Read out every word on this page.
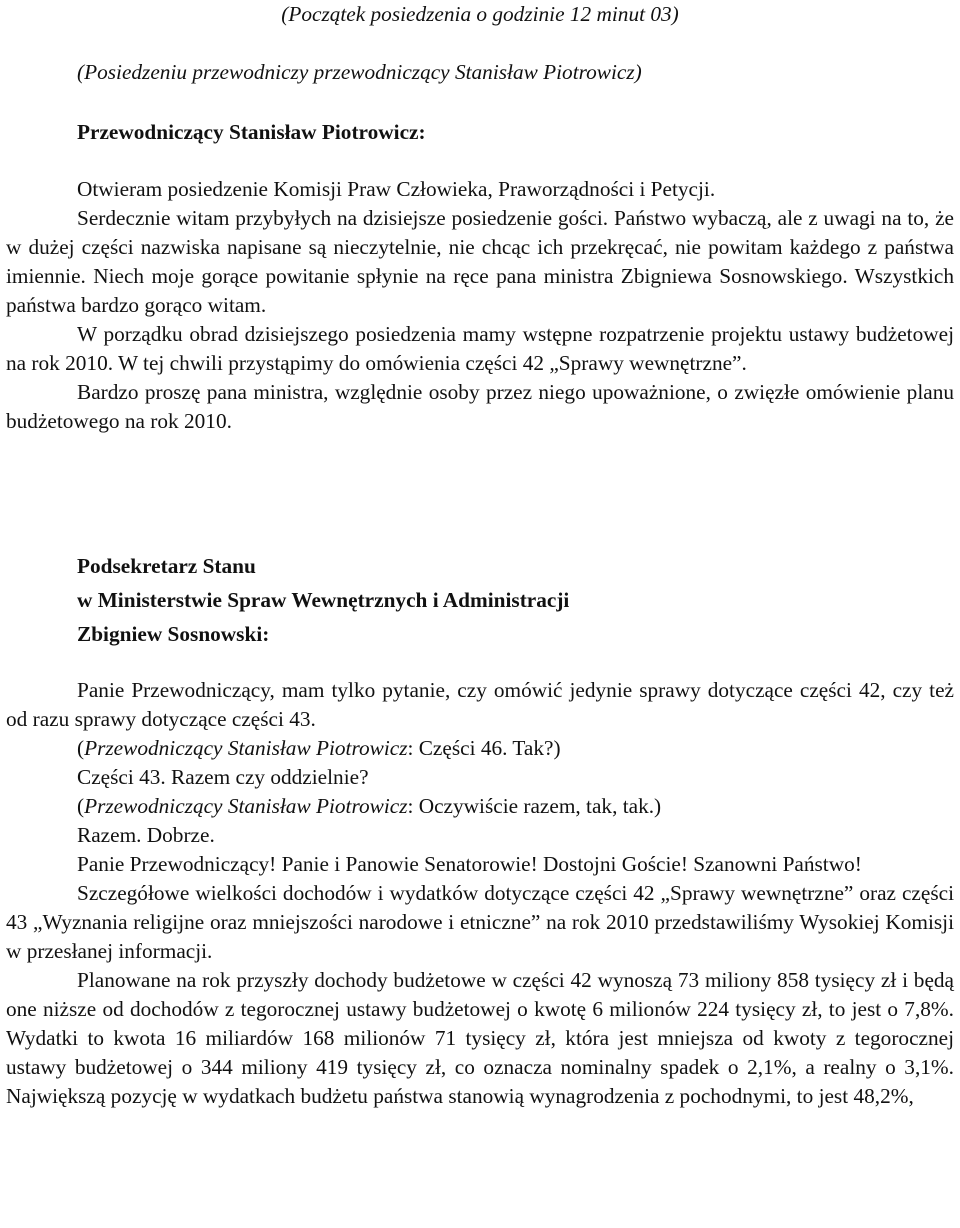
(Początek posiedzenia o godzinie 12 minut 03)
(Posiedzeniu przewodniczy przewodniczący Stanisław Piotrowicz)
Przewodniczący Stanisław Piotrowicz:

Otwieram posiedzenie Komisji Praw Człowieka, Praworządności i Petycji.

Serdecznie witam przybyłych na dzisiejsze posiedzenie gości. Państwo wybaczą, ale z uwagi na to, że w dużej części nazwiska napisane są nieczytelnie, nie chcąc ich przekręcać, nie powitam każdego z państwa imiennie. Niech moje gorące powitanie spłynie na ręce pana ministra Zbigniewa Sosnowskiego. Wszystkich państwa bardzo gorąco witam.

W porządku obrad dzisiejszego posiedzenia mamy wstępne rozpatrzenie projektu ustawy budżetowej na rok 2010. W tej chwili przystąpimy do omówienia części 42 „Sprawy wewnętrzne”.

Bardzo proszę pana ministra, względnie osoby przez niego upoważnione, o zwięzłe omówienie planu budżetowego na rok 2010.

Podsekretarz Stanu
w Ministerstwie Spraw Wewnętrznych i Administracji
Zbigniew Sosnowski:

Panie Przewodniczący, mam tylko pytanie, czy omówić jedynie sprawy dotyczące części 42, czy też od razu sprawy dotyczące części 43.

(Przewodniczący Stanisław Piotrowicz: Części 46. Tak?)

Części 43. Razem czy oddzielnie?

(Przewodniczący Stanisław Piotrowicz: Oczywiście razem, tak, tak.)

Razem. Dobrze.

Panie Przewodniczący! Panie i Panowie Senatorowie! Dostojni Goście! Szanowni Państwo!

Szczegółowe wielkości dochodów i wydatków dotyczące części 42 „Sprawy wewnętrzne” oraz części 43 „Wyznania religijne oraz mniejszości narodowe i etniczne” na rok 2010 przedstawiliśmy Wysokiej Komisji w przesłanej informacji.

Planowane na rok przyszły dochody budżetowe w części 42 wynoszą 73 miliony 858 tysięcy zł i będą one niższe od dochodów z tegorocznej ustawy budżetowej o kwotę 6 milionów 224 tysięcy zł, to jest o 7,8%. Wydatki to kwota 16 miliardów 168 milionów 71 tysięcy zł, która jest mniejsza od kwoty z tegorocznej ustawy budżetowej o 344 miliony 419 tysięcy zł, co oznacza nominalny spadek o 2,1%, a realny o 3,1%. Największą pozycję w wydatkach budżetu państwa stanowią wynagrodzenia z pochodnymi, to jest 48,2%,
